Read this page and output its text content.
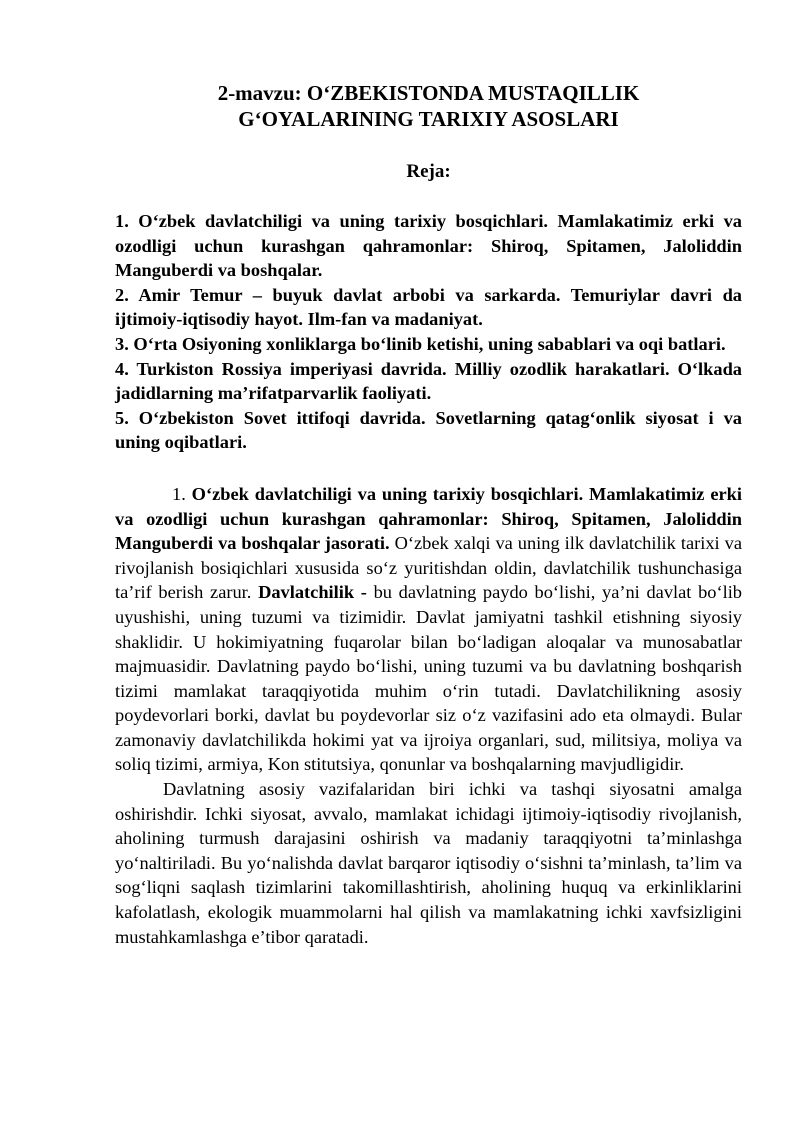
2-mavzu: O‘ZBEKISTONDA MUSTAQILLIK

G‘OYALARINING TARIXIY ASOSLARI

Reja:

1. O‘zbek davlatchiligi va uning tarixiy bosqichlari. Mamlakatimiz erki va ozodligi uchun kurashgan qahramonlar: Shiroq, Spitamen, Jaloliddin Manguberdi va boshqalar.

2. Amir Temur – buyuk davlat arbobi va sarkarda. Temuriylar davri da ijtimoiy-iqtisodiy hayot. Ilm-fan va madaniyat.

3. O‘rta Osiyoning xonliklarga bo‘linib ketishi, uning sabablari va oqi batlari.

4. Turkiston Rossiya imperiyasi davrida. Milliy ozodlik harakatlari. O‘lkada jadidlarning ma’rifatparvarlik faoliyati.

5. O‘zbekiston Sovet ittifoqi davrida. Sovetlarning qatag‘onlik siyosat i va uning oqibatlari.

1. O‘zbek davlatchiligi va uning tarixiy bosqichlari. Mamlakatimiz erki va ozodligi uchun kurashgan qahramonlar: Shiroq, Spitamen, Jaloliddin Manguberdi va boshqalar jasorati. O‘zbek xalqi va uning ilk davlatchilik tarixi va rivojlanish bosiqichlari xususida so‘z yuritishdan oldin, davlatchilik tushunchasiga ta’rif berish zarur. Davlatchilik - bu davlatning paydo bo‘lishi, ya’ni davlat bo‘lib uyushishi, uning tuzumi va tizimidir. Davlat jamiyatni tashkil etishning siyosiy shaklidir. U hokimiyatning fuqarolar bilan bo‘ladigan aloqalar va munosabatlar majmuasidir. Davlatning paydo bo‘lishi, uning tuzumi va bu davlatning boshqarish tizimi mamlakat taraqqiyotida muhim o‘rin tutadi. Davlatchilikning asosiy poydevorlari borki, davlat bu poydevorlar siz o‘z vazifasini ado eta olmaydi. Bular zamonaviy davlatchilikda hokimi yat va ijroiya organlari, sud, militsiya, moliya va soliq tizimi, armiya, Kon stitutsiya, qonunlar va boshqalarning mavjudligidir.

Davlatning asosiy vazifalaridan biri ichki va tashqi siyosatni amalga oshirishdir. Ichki siyosat, avvalo, mamlakat ichidagi ijtimoiy-iqtisodiy rivojlanish, aholining turmush darajasini oshirish va madaniy taraqqiyotni ta’minlashga yo‘naltiriladi. Bu yo‘nalishda davlat barqaror iqtisodiy o‘sishni ta’minlash, ta’lim va sog‘liqni saqlash tizimlarini takomillashtirish, aholining huquq va erkinliklarini kafolatlash, ekologik muammolarni hal qilish va mamlakatning ichki xavfsizligini mustahkamlashga e’tibor qaratadi.
